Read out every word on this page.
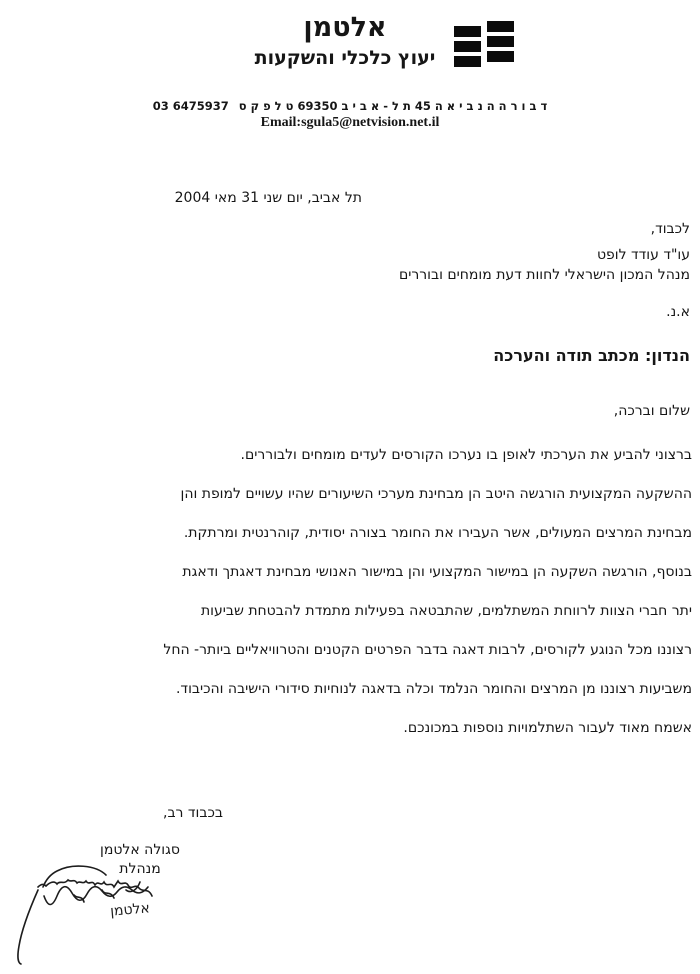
אלטמן
יעוץ כלכלי והשקעות
ד ב ו ר ה ה נ ב י א ה 45 ת ל - א ב י ב 69350 ט ל פ ק ס 03 6475937
Email:sgula5@netvision.net.il
תל אביב, יום שני 31 מאי 2004
לכבוד,
עו"ד עודד לופט
מנהל המכון הישראלי לחוות דעת מומחים ובוררים
א.נ.
הנדון: מכתב תודה והערכה
שלום וברכה,
ברצוני להביע את הערכתי לאופן בו נערכו הקורסים לעדים מומחים ולבוררים.
ההשקעה המקצועית הורגשה היטב הן מבחינת מערכי השיעורים שהיו עשויים למופת והן
מבחינת המרצים המעולים, אשר העבירו את החומר בצורה יסודית, קוהרנטית ומרתקת.
בנוסף, הורגשה השקעה הן במישור המקצועי והן במישור האנושי מבחינת דאגתך ודאגת
יתר חברי הצוות לרווחת המשתלמים, שהתבטאה בפעילות מתמדת להבטחת שביעות
רצוננו מכל הנוגע לקורסים, לרבות דאגה בדבר הפרטים הקטנים והטרוויאליים ביותר- החל
משביעות רצוננו מן המרצים והחומר הנלמד וכלה בדאגה לנוחיות סידורי הישיבה והכיבוד.
אשמח מאוד לעבור השתלמויות נוספות במכונכם.
בכבוד רב,
סגולה אלטמן
מנהלת
אלטמן
